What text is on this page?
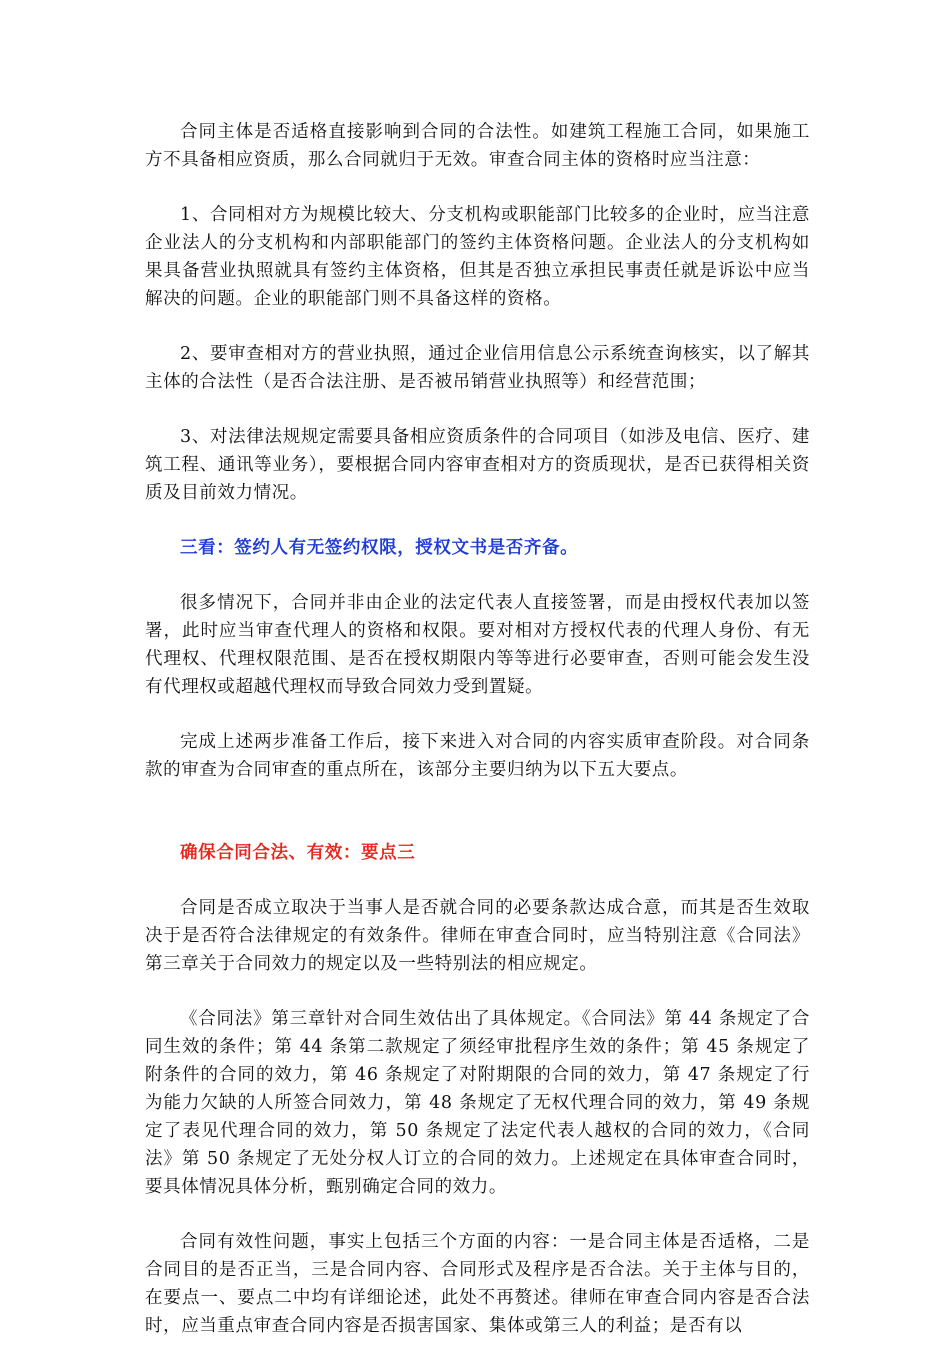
合同主体是否适格直接影响到合同的合法性。如建筑工程施工合同，如果施工方不具备相应资质，那么合同就归于无效。审查合同主体的资格时应当注意：

1、合同相对方为规模比较大、分支机构或职能部门比较多的企业时，应当注意企业法人的分支机构和内部职能部门的签约主体资格问题。企业法人的分支机构如果具备营业执照就具有签约主体资格，但其是否独立承担民事责任就是诉讼中应当解决的问题。企业的职能部门则不具备这样的资格。

2、要审查相对方的营业执照，通过企业信用信息公示系统查询核实，以了解其主体的合法性（是否合法注册、是否被吊销营业执照等）和经营范围；

3、对法律法规规定需要具备相应资质条件的合同项目（如涉及电信、医疗、建筑工程、通讯等业务），要根据合同内容审查相对方的资质现状，是否已获得相关资质及目前效力情况。

三看：签约人有无签约权限，授权文书是否齐备。

很多情况下，合同并非由企业的法定代表人直接签署，而是由授权代表加以签署，此时应当审查代理人的资格和权限。要对相对方授权代表的代理人身份、有无代理权、代理权限范围、是否在授权期限内等等进行必要审查，否则可能会发生没有代理权或超越代理权而导致合同效力受到置疑。

完成上述两步准备工作后，接下来进入对合同的内容实质审查阶段。对合同条款的审查为合同审查的重点所在，该部分主要归纳为以下五大要点。

确保合同合法、有效：要点三

合同是否成立取决于当事人是否就合同的必要条款达成合意，而其是否生效取决于是否符合法律规定的有效条件。律师在审查合同时，应当特别注意《合同法》第三章关于合同效力的规定以及一些特别法的相应规定。

《合同法》第三章针对合同生效估出了具体规定。《合同法》第 44 条规定了合同生效的条件；第 44 条第二款规定了须经审批程序生效的条件；第 45 条规定了附条件的合同的效力，第 46 条规定了对附期限的合同的效力，第 47 条规定了行为能力欠缺的人所签合同效力，第 48 条规定了无权代理合同的效力，第 49 条规定了表见代理合同的效力，第 50 条规定了法定代表人越权的合同的效力，《合同法》第 50 条规定了无处分权人订立的合同的效力。上述规定在具体审查合同时，要具体情况具体分析，甄别确定合同的效力。

合同有效性问题，事实上包括三个方面的内容：一是合同主体是否适格，二是合同目的是否正当，三是合同内容、合同形式及程序是否合法。关于主体与目的，在要点一、要点二中均有详细论述，此处不再赘述。律师在审查合同内容是否合法时，应当重点审查合同内容是否损害国家、集体或第三人的利益；是否有以
